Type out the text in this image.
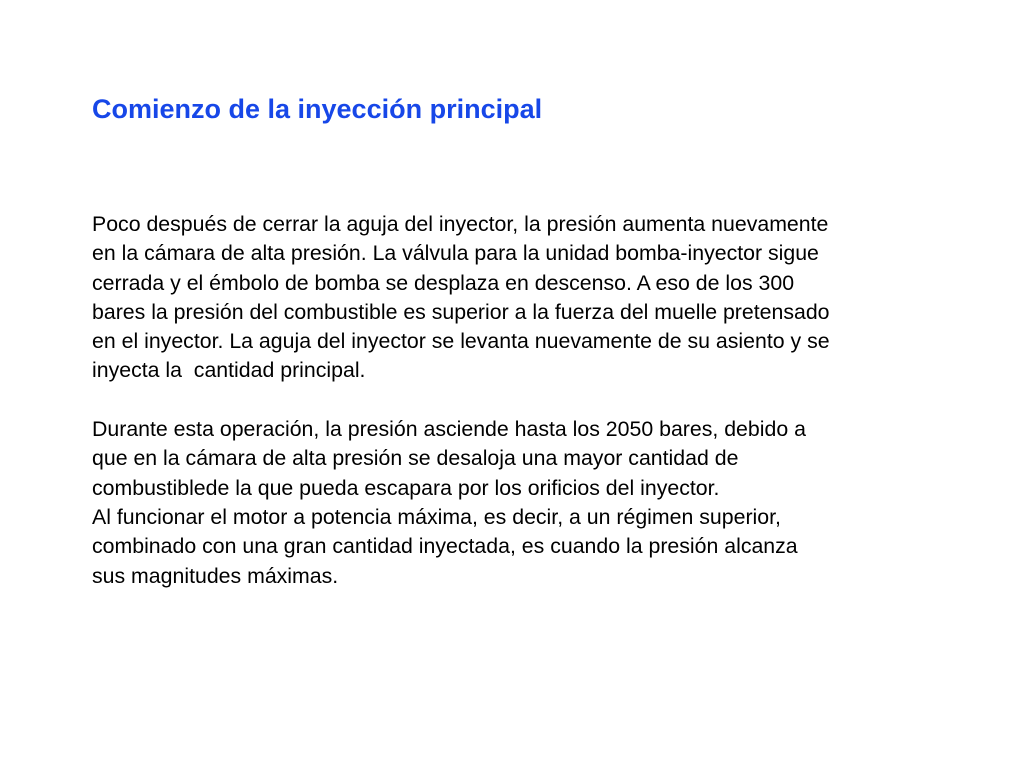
Comienzo de la inyección principal

Poco después de cerrar la aguja del inyector, la presión aumenta nuevamente
en la cámara de alta presión. La válvula para la unidad bomba-inyector sigue
cerrada y el émbolo de bomba se desplaza en descenso. A eso de los 300
bares la presión del combustible es superior a la fuerza del muelle pretensado
en el inyector. La aguja del inyector se levanta nuevamente de su asiento y se
inyecta la  cantidad principal.

Durante esta operación, la presión asciende hasta los 2050 bares, debido a
que en la cámara de alta presión se desaloja una mayor cantidad de
combustiblede la que pueda escapara por los orificios del inyector.

Al funcionar el motor a potencia máxima, es decir, a un régimen superior,
combinado con una gran cantidad inyectada, es cuando la presión alcanza
sus magnitudes máximas.
